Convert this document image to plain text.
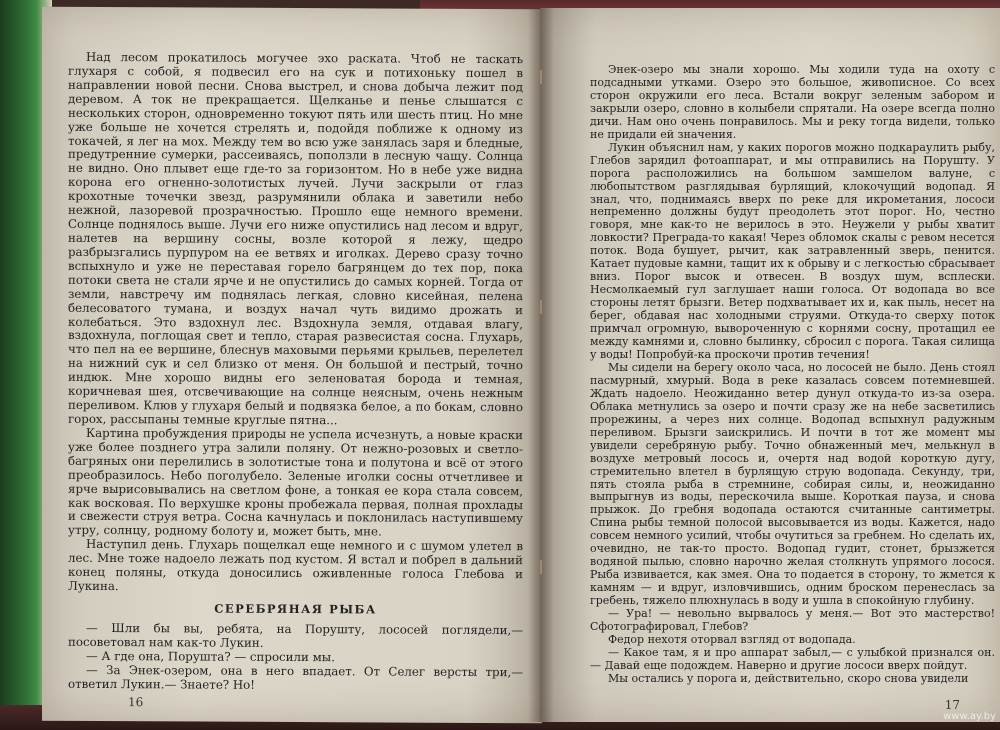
Над лесом прокатилось могучее эхо раската. Чтоб не таскать глухаря с собой, я подвесил его на сук и потихоньку пошел в направлении новой песни. Снова выстрел, и снова добыча лежит под деревом. А ток не прекращается. Щелканье и пенье слышатся с нескольких сторон, одновременно токуют пять или шесть птиц. Но мне уже больше не хочется стрелять и, подойдя поближе к одному из токачей, я лег на мох. Между тем во всю уже занялась заря и бледные, предутренние сумерки, рассеиваясь, поползли в лесную чащу. Солнца не видно. Оно плывет еще где-то за горизонтом. Но в небе уже видна корона его огненно-золотистых лучей. Лучи заскрыли от глаз крохотные точечки звезд, разрумянили облака и заветили небо нежной, лазоревой прозрачностью. Прошло еще немного времени. Солнце поднялось выше. Лучи его ниже опустились над лесом и вдруг, налетев на вершину сосны, возле которой я лежу, щедро разбрызгались пурпуром на ее ветвях и иголках. Дерево сразу точно вспыхнуло и уже не переставая горело багрянцем до тех пор, пока потоки света не стали ярче и не опустились до самых корней. Тогда от земли, навстречу им поднялась легкая, словно кисейная, пелена белесоватого тумана, и воздух начал чуть видимо дрожать и колебаться. Это вздохнул лес. Вздохнула земля, отдавая влагу, вздохнула, поглощая свет и тепло, старая развесистая сосна. Глухарь, что пел на ее вершине, блеснув маховыми перьями крыльев, перелетел на нижний сук и сел близко от меня. Он большой и пестрый, точно индюк. Мне хорошо видны его зеленоватая борода и темная, коричневая шея, отсвечивающие на солнце неясным, очень нежным переливом. Клюв у глухаря белый и подвязка белое, а по бокам, словно горох, рассыпаны темные круглые пятна...

Картина пробуждения природы не успела исчезнуть, а новые краски уже более позднего утра залили поляну. От нежно-розовых и светло-багряных они перелились в золотистые тона и полутона и всё от этого преобразилось. Небо поголубело. Зеленые иголки сосны отчетливее и ярче вырисовывались на светлом фоне, а тонкая ее кора стала совсем, как восковая. По верхушке кроны пробежала первая, полная прохлады и свежести струя ветра. Сосна качнулась и поклонилась наступившему утру, солнцу, родному болоту и, может быть, мне.

Наступил день. Глухарь пощелкал еще немного и с шумом улетел в лес. Мне тоже надоело лежать под кустом. Я встал и побрел в дальний конец поляны, откуда доносились оживленные голоса Глебова и Лукина.

СЕРЕБРЯНАЯ РЫБА

— Шли бы вы, ребята, на Порушту, лососей поглядели,— посоветовал нам как-то Лукин.

— А где она, Порушта? — спросили мы.

— За Энек-озером, она в него впадает. От Селег версты три,— ответил Лукин.— Знаете? Но!

16

Энек-озеро мы знали хорошо. Мы ходили туда на охоту с подсадными утками. Озеро это большое, живописное. Со всех сторон окружили его леса. Встали вокруг зеленым забором и закрыли озеро, словно в колыбели спрятали. На озере всегда полно дичи. Нам оно очень понравилось. Мы и реку тогда видели, только не придали ей значения.

Лукин объяснил нам, у каких порогов можно подкараулить рыбу, Глебов зарядил фотоаппарат, и мы отправились на Порушту. У порога расположились на большом замшелом валуне, с любопытством разглядывая бурлящий, клокочущий водопад. Я знал, что, поднимаясь вверх по реке для икрометания, лососи непременно должны будут преодолеть этот порог. Но, честно говоря, мне как-то не верилось в это. Неужели у рыбы хватит ловкости? Преграда-то какая! Через обломок скалы с ревом несется поток. Вода бушует, рычит, как затравленный зверь, пенится. Катает пудовые камни, тащит их к обрыву и с легкостью сбрасывает вниз. Порог высок и отвесен. В воздух шум, всплески. Несмолкаемый гул заглушает наши голоса. От водопада во все стороны летят брызги. Ветер подхватывает их и, как пыль, несет на берег, обдавая нас холодными струями. Откуда-то сверху поток примчал огромную, вывороченную с корнями сосну, протащил ее между камнями и, словно былинку, сбросил с порога. Такая силища у воды! Попробуй-ка проскочи против течения!

Мы сидели на берегу около часа, но лососей не было. День стоял пасмурный, хмурый. Вода в реке казалась совсем потемневшей. Ждать надоело. Неожиданно ветер дунул откуда-то из-за озера. Облака метнулись за озеро и почти сразу же на небе засветились прорежины, а через них солнце. Водопад вспыхнул радужным переливом. Брызги заискрились. И почти в тот же момент мы увидели серебряную рыбу. Точно обнаженный меч, мелькнул в воздухе метровый лосось и, очертя над водой короткую дугу, стремительно влетел в бурлящую струю водопада. Секунду, три, пять стояла рыба в стремнине, собирая силы, и, неожиданно выпрыгнув из воды, перескочила выше. Короткая пауза, и снова прыжок. До гребня водопада остаются считанные сантиметры. Спина рыбы темной полосой высовывается из воды. Кажется, надо совсем немного усилий, чтобы очутиться за гребнем. Но сделать их, очевидно, не так-то просто. Водопад гудит, стонет, брызжется водяной пылью, словно нарочно желая столкнуть упрямого лосося. Рыба извивается, как змея. Она то подается в сторону, то жмется к камням — и вдруг, изловчившись, одним броском перенеслась за гребень, тяжело плюхнулась в воду и ушла в спокойную глубину.

— Ура! — невольно вырвалось у меня.— Вот это мастерство! Сфотографировал, Глебов?

Федор нехотя оторвал взгляд от водопада.

— Какое там, я и про аппарат забыл,— с улыбкой признался он.— Давай еще подождем. Наверно и другие лососи вверх пойдут.

Мы остались у порога и, действительно, скоро снова увидели

17
www.ay.by
